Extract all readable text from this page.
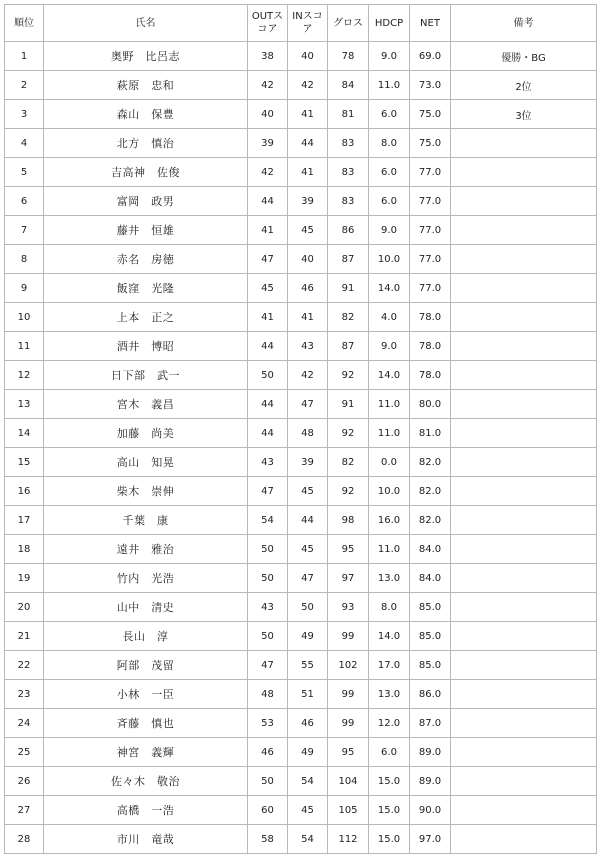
順位	氏名	OUTスコア	INスコア	グロス	HDCP	NET	備考
1	奥野　比呂志	38	40	78	9.0	69.0	優勝・BG
2	萩原　忠和	42	42	84	11.0	73.0	2位
3	森山　保豊	40	41	81	6.0	75.0	3位
4	北方　慎治	39	44	83	8.0	75.0	
5	吉高神　佐俊	42	41	83	6.0	77.0	
6	富岡　政男	44	39	83	6.0	77.0	
7	藤井　恒雄	41	45	86	9.0	77.0	
8	赤名　房徳	47	40	87	10.0	77.0	
9	飯窪　光隆	45	46	91	14.0	77.0	
10	上本　正之	41	41	82	4.0	78.0	
11	酒井　博昭	44	43	87	9.0	78.0	
12	日下部　武一	50	42	92	14.0	78.0	
13	宮木　義昌	44	47	91	11.0	80.0	
14	加藤　尚美	44	48	92	11.0	81.0	
15	高山　知晃	43	39	82	0.0	82.0	
16	柴木　崇伸	47	45	92	10.0	82.0	
17	千葉　康	54	44	98	16.0	82.0	
18	遠井　雅治	50	45	95	11.0	84.0	
19	竹内　光浩	50	47	97	13.0	84.0	
20	山中　清史	43	50	93	8.0	85.0	
21	長山　淳	50	49	99	14.0	85.0	
22	阿部　茂留	47	55	102	17.0	85.0	
23	小林　一臣	48	51	99	13.0	86.0	
24	斉藤　慎也	53	46	99	12.0	87.0	
25	神宮　義輝	46	49	95	6.0	89.0	
26	佐々木　敬治	50	54	104	15.0	89.0	
27	高橋　一浩	60	45	105	15.0	90.0	
28	市川　竜哉	58	54	112	15.0	97.0	
